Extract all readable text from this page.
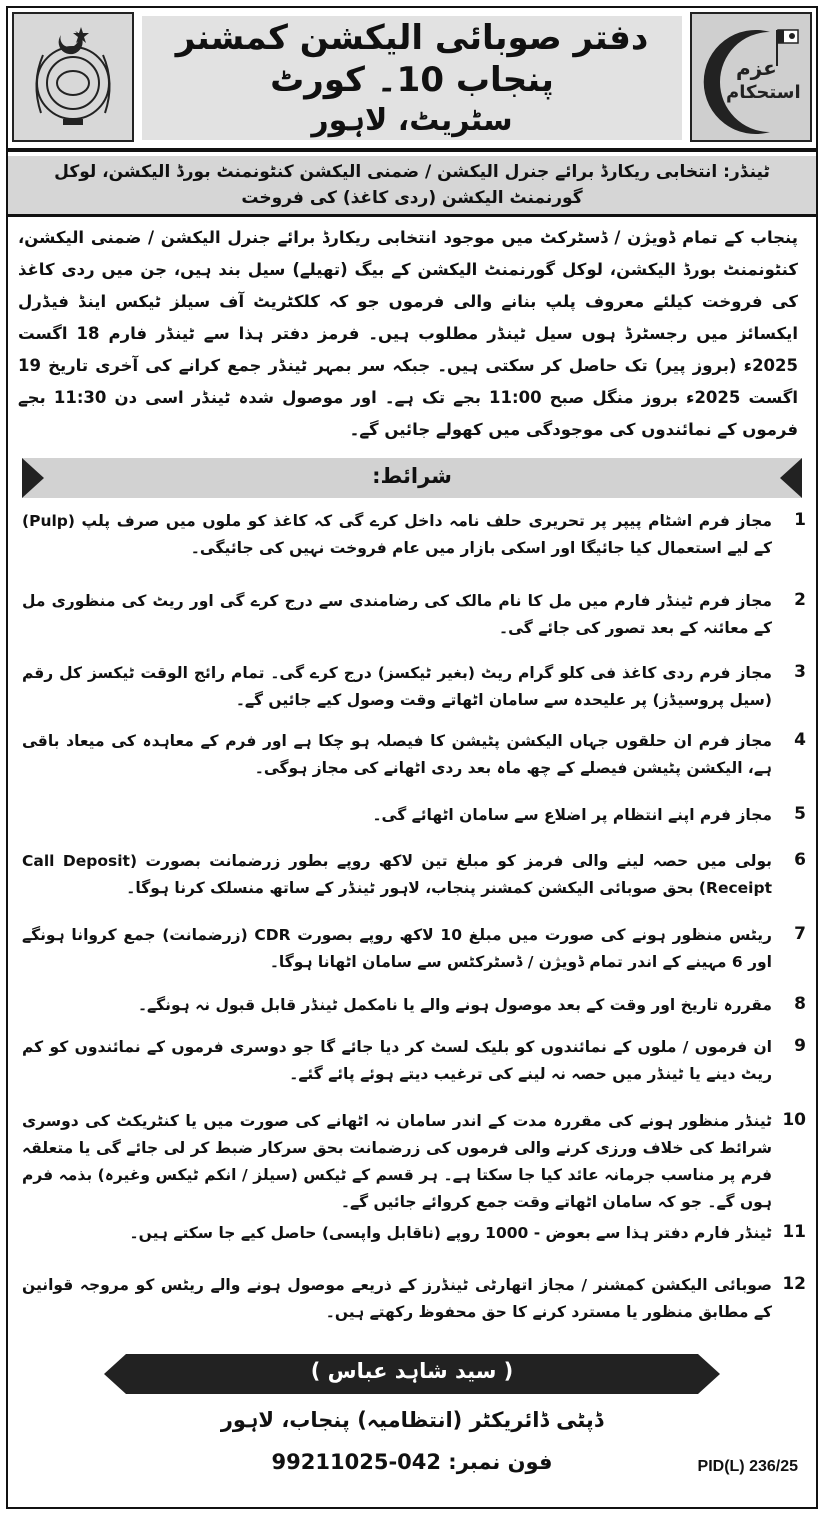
دفتر صوبائی الیکشن کمشنر پنجاب 10۔ کورٹ
سٹریٹ، لاہور
عزم
استحکام
ٹینڈر: انتخابی ریکارڈ برائے جنرل الیکشن / ضمنی الیکشن کنٹونمنٹ بورڈ الیکشن، لوکل گورنمنٹ الیکشن (ردی کاغذ) کی فروخت
پنجاب کے تمام ڈویژن / ڈسٹرکٹ میں موجود انتخابی ریکارڈ برائے جنرل الیکشن / ضمنی الیکشن، کنٹونمنٹ بورڈ الیکشن، لوکل گورنمنٹ الیکشن کے بیگ (تھیلے) سیل بند ہیں، جن میں ردی کاغذ کی فروخت کیلئے معروف پلپ بنانے والی فرموں جو کہ کلکٹریٹ آف سیلز ٹیکس اینڈ فیڈرل ایکسائز میں رجسٹرڈ ہوں سیل ٹینڈر مطلوب ہیں۔ فرمز دفتر ہذا سے ٹینڈر فارم 18 اگست 2025ء (بروز پیر) تک حاصل کر سکتی ہیں۔ جبکہ سر بمہر ٹینڈر جمع کرانے کی آخری تاریخ 19 اگست 2025ء بروز منگل صبح 11:00 بجے تک ہے۔ اور موصول شدہ ٹینڈر اسی دن 11:30 بجے فرموں کے نمائندوں کی موجودگی میں کھولے جائیں گے۔
شرائط:
1
مجاز فرم اشٹام پیپر پر تحریری حلف نامہ داخل کرے گی کہ کاغذ کو ملوں میں صرف پلپ (Pulp) کے لیے استعمال کیا جائیگا اور اسکی بازار میں عام فروخت نہیں کی جائیگی۔
2
مجاز فرم ٹینڈر فارم میں مل کا نام مالک کی رضامندی سے درج کرے گی اور ریٹ کی منظوری مل کے معائنہ کے بعد تصور کی جائے گی۔
3
مجاز فرم ردی کاغذ فی کلو گرام ریٹ (بغیر ٹیکسز) درج کرے گی۔ تمام رائج الوقت ٹیکسز کل رقم (سیل پروسیڈز) پر علیحدہ سے سامان اٹھاتے وقت وصول کیے جائیں گے۔
4
مجاز فرم ان حلقوں جہاں الیکشن پٹیشن کا فیصلہ ہو چکا ہے اور فرم کے معاہدہ کی میعاد باقی ہے، الیکشن پٹیشن فیصلے کے چھ ماہ بعد ردی اٹھانے کی مجاز ہوگی۔
5
مجاز فرم اپنے انتظام پر اضلاع سے سامان اٹھائے گی۔
6
بولی میں حصہ لینے والی فرمز کو مبلغ تین لاکھ روپے بطور زرضمانت بصورت (Call Deposit Receipt) بحق صوبائی الیکشن کمشنر پنجاب، لاہور ٹینڈر کے ساتھ منسلک کرنا ہوگا۔
7
ریٹس منظور ہونے کی صورت میں مبلغ 10 لاکھ روپے بصورت CDR (زرضمانت) جمع کروانا ہونگے اور 6 مہینے کے اندر تمام ڈویژن / ڈسٹرکٹس سے سامان اٹھانا ہوگا۔
8
مقررہ تاریخ اور وقت کے بعد موصول ہونے والے یا نامکمل ٹینڈر قابل قبول نہ ہونگے۔
9
ان فرموں / ملوں کے نمائندوں کو بلیک لسٹ کر دیا جائے گا جو دوسری فرموں کے نمائندوں کو کم ریٹ دینے یا ٹینڈر میں حصہ نہ لینے کی ترغیب دیتے ہوئے پائے گئے۔
10
ٹینڈر منظور ہونے کی مقررہ مدت کے اندر سامان نہ اٹھانے کی صورت میں یا کنٹریکٹ کی دوسری شرائط کی خلاف ورزی کرنے والی فرموں کی زرضمانت بحق سرکار ضبط کر لی جائے گی یا متعلقہ فرم پر مناسب جرمانہ عائد کیا جا سکتا ہے۔ ہر قسم کے ٹیکس (سیلز / انکم ٹیکس وغیرہ) بذمہ فرم ہوں گے۔ جو کہ سامان اٹھاتے وقت جمع کروائے جائیں گے۔
11
ٹینڈر فارم دفتر ہذا سے بعوض - 1000 روپے (ناقابل واپسی) حاصل کیے جا سکتے ہیں۔
12
صوبائی الیکشن کمشنر / مجاز اتھارٹی ٹینڈرز کے ذریعے موصول ہونے والے ریٹس کو مروجہ قوانین کے مطابق منظور یا مسترد کرنے کا حق محفوظ رکھتے ہیں۔
( سید شاہد عباس )
ڈپٹی ڈائریکٹر (انتظامیہ) پنجاب، لاہور
فون نمبر: 042-99211025	PID(L) 236/25
